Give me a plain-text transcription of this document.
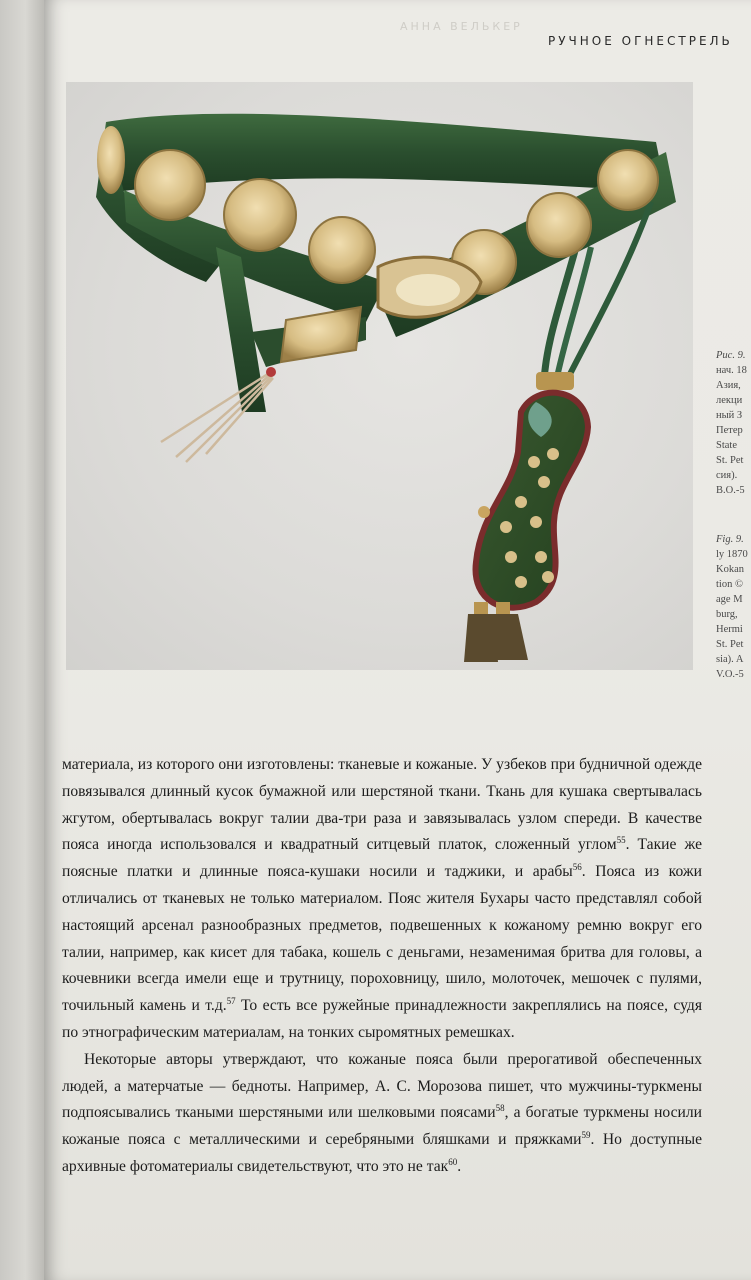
АННА ВЕЛЬКЕР
РУЧНОЕ ОГНЕСТРЕЛЬ
Рис. 9.
нач. 18
Азия,
лекци
ный З
Петер
State
St. Pet
сия).
В.О.-5
Fig. 9.
ly 1870
Kokan
tion ©
age M
burg,
Hermi
St. Pet
sia). A
V.O.-5

материала, из которого они изготовлены: тканевые и кожаные. У узбеков при будничной одежде повязывался длинный кусок бумажной или шерстяной ткани. Ткань для кушака свертывалась жгутом, обертывалась вокруг талии два-три раза и завязывалась узлом спереди. В качестве пояса иногда использовался и квадратный ситцевый платок, сложенный углом$^{55}$. Такие же поясные платки и длинные пояса-кушаки носили и таджики, и арабы$^{56}$. Пояса из кожи отличались от тканевых не только материалом. Пояс жителя Бухары часто представлял собой настоящий арсенал разнообразных предметов, подвешенных к кожаному ремню вокруг его талии, например, как кисет для табака, кошель с деньгами, незаменимая бритва для головы, а кочевники всегда имели еще и трутницу, пороховницу, шило, молоточек, мешочек с пулями, точильный камень и т.д.$^{57}$ То есть все ружейные принадлежности закреплялись на поясе, судя по этнографическим материалам, на тонких сыромятных ремешках.

Некоторые авторы утверждают, что кожаные пояса были прерогативой обеспеченных людей, а матерчатые — бедноты. Например, А. С. Морозова пишет, что мужчины-туркмены подпоясывались ткаными шерстяными или шелковыми поясами$^{58}$, а богатые туркмены носили кожаные пояса с металлическими и серебряными бляшками и пряжками$^{59}$. Но доступные архивные фотоматериалы свидетельствуют, что это не так$^{60}$.
